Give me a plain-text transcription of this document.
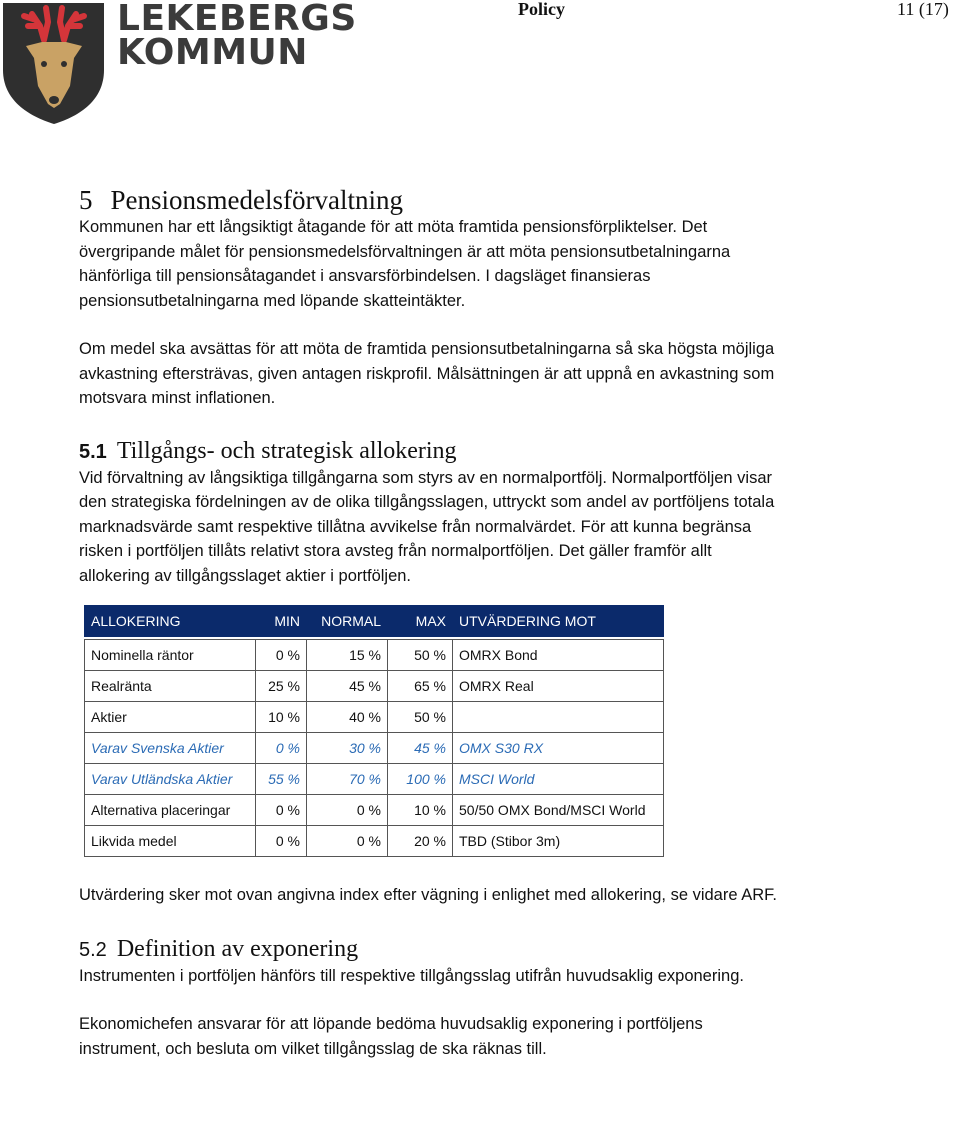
LEKEBERGS
KOMMUN
Policy	11 (17)
5 Pensionsmedelsförvaltning

Kommunen har ett långsiktigt åtagande för att möta framtida pensionsförpliktelser. Det övergripande målet för pensionsmedelsförvaltningen är att möta pensionsutbetalningarna hänförliga till pensionsåtagandet i ansvarsförbindelsen. I dagsläget finansieras pensionsutbetalningarna med löpande skatteintäkter.

Om medel ska avsättas för att möta de framtida pensionsutbetalningarna så ska högsta möjliga avkastning eftersträvas, given antagen riskprofil. Målsättningen är att uppnå en avkastning som motsvara minst inflationen.

5.1 Tillgångs- och strategisk allokering

Vid förvaltning av långsiktiga tillgångarna som styrs av en normalportfölj. Normalportföljen visar den strategiska fördelningen av de olika tillgångsslagen, uttryckt som andel av portföljens totala marknadsvärde samt respektive tillåtna avvikelse från normalvärdet. För att kunna begränsa risken i portföljen tillåts relativt stora avsteg från normalportföljen. Det gäller framför allt allokering av tillgångsslaget aktier i portföljen.

ALLOKERING	MIN	NORMAL	MAX	UTVÄRDERING MOT

Nominella räntor	0 %	15 %	50 %	OMRX Bond
Realränta	25 %	45 %	65 %	OMRX Real
Aktier	10 %	40 %	50 %	
Varav Svenska Aktier	0 %	30 %	45 %	OMX S30 RX
Varav Utländska Aktier	55 %	70 %	100 %	MSCI World
Alternativa placeringar	0 %	0 %	10 %	50/50 OMX Bond/MSCI World
Likvida medel	0 %	0 %	20 %	TBD (Stibor 3m)

Utvärdering sker mot ovan angivna index efter vägning i enlighet med allokering, se vidare ARF.

5.2 Definition av exponering

Instrumenten i portföljen hänförs till respektive tillgångsslag utifrån huvudsaklig exponering.

Ekonomichefen ansvarar för att löpande bedöma huvudsaklig exponering i portföljens instrument, och besluta om vilket tillgångsslag de ska räknas till.
